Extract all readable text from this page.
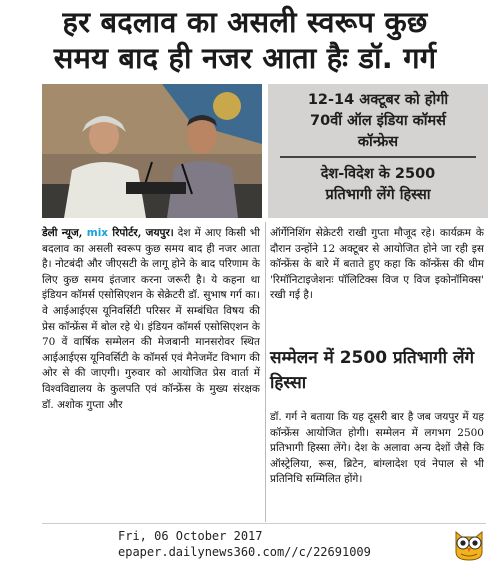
हर बदलाव का असली स्वरूप कुछ
समय बाद ही नजर आता हैः डॉ. गर्ग
12-14 अक्टूबर को होगी
70वीं ऑल इंडिया कॉमर्स
कॉन्फ्रेस
देश-विदेश के 2500
प्रतिभागी लेंगे हिस्सा
डेली न्यूज, mix रिपोर्टर, जयपुर। देश में आए किसी भी बदलाव का असली स्वरूप कुछ समय बाद ही नजर आता है। नोटबंदी और जीएसटी के लागू होने के बाद परिणाम के लिए कुछ समय इंतजार करना जरूरी है। ये कहना था इंडियन कॉमर्स एसोसिएशन के सेक्रेटरी डॉ. सुभाष गर्ग का। वे आईआईएस यूनिवर्सिटी परिसर में सम्बंधित विषय की प्रेस कॉन्फ्रेंस में बोल रहे थे। इंडियन कॉमर्स एसोसिएशन के 70 वें वार्षिक सम्मेलन की मेजबानी मानसरोवर स्थित आईआईएस यूनिवर्सिटी के कॉमर्स एवं मैनेजमेंट विभाग की ओर से की जाएगी। गुरुवार को आयोजित प्रेस वार्ता में विश्वविद्यालय के कुलपति एवं कॉन्फ्रेंस के मुख्य संरक्षक डॉ. अशोक गुप्ता और
ऑर्गेनिशिंग सेक्रेटरी राखी गुप्ता मौजूद रहे। कार्यक्रम के दौरान उन्होंने 12 अक्टूबर से आयोजित होने जा रही इस कॉन्फ्रेंस के बारे में बताते हुए कहा कि कॉन्फ्रेंस की थीम 'रिमॉनिटाइजेशनः पॉलिटिक्स विज ए विज इकोनॉमिक्स' रखी गई है।
सम्मेलन में 2500 प्रतिभागी लेंगे हिस्सा
डॉ. गर्ग ने बताया कि यह दूसरी बार है जब जयपुर में यह कॉन्फ्रेंस आयोजित होगी। सम्मेलन में लगभग 2500 प्रतिभागी हिस्सा लेंगे। देश के अलावा अन्य देशों जैसे कि ऑस्ट्रेलिया, रूस, ब्रिटेन, बांग्लादेश एवं नेपाल से भी प्रतिनिधि सम्मिलित होंगे।
Fri, 06 October 2017
epaper.dailynews360.com//c/22691009
